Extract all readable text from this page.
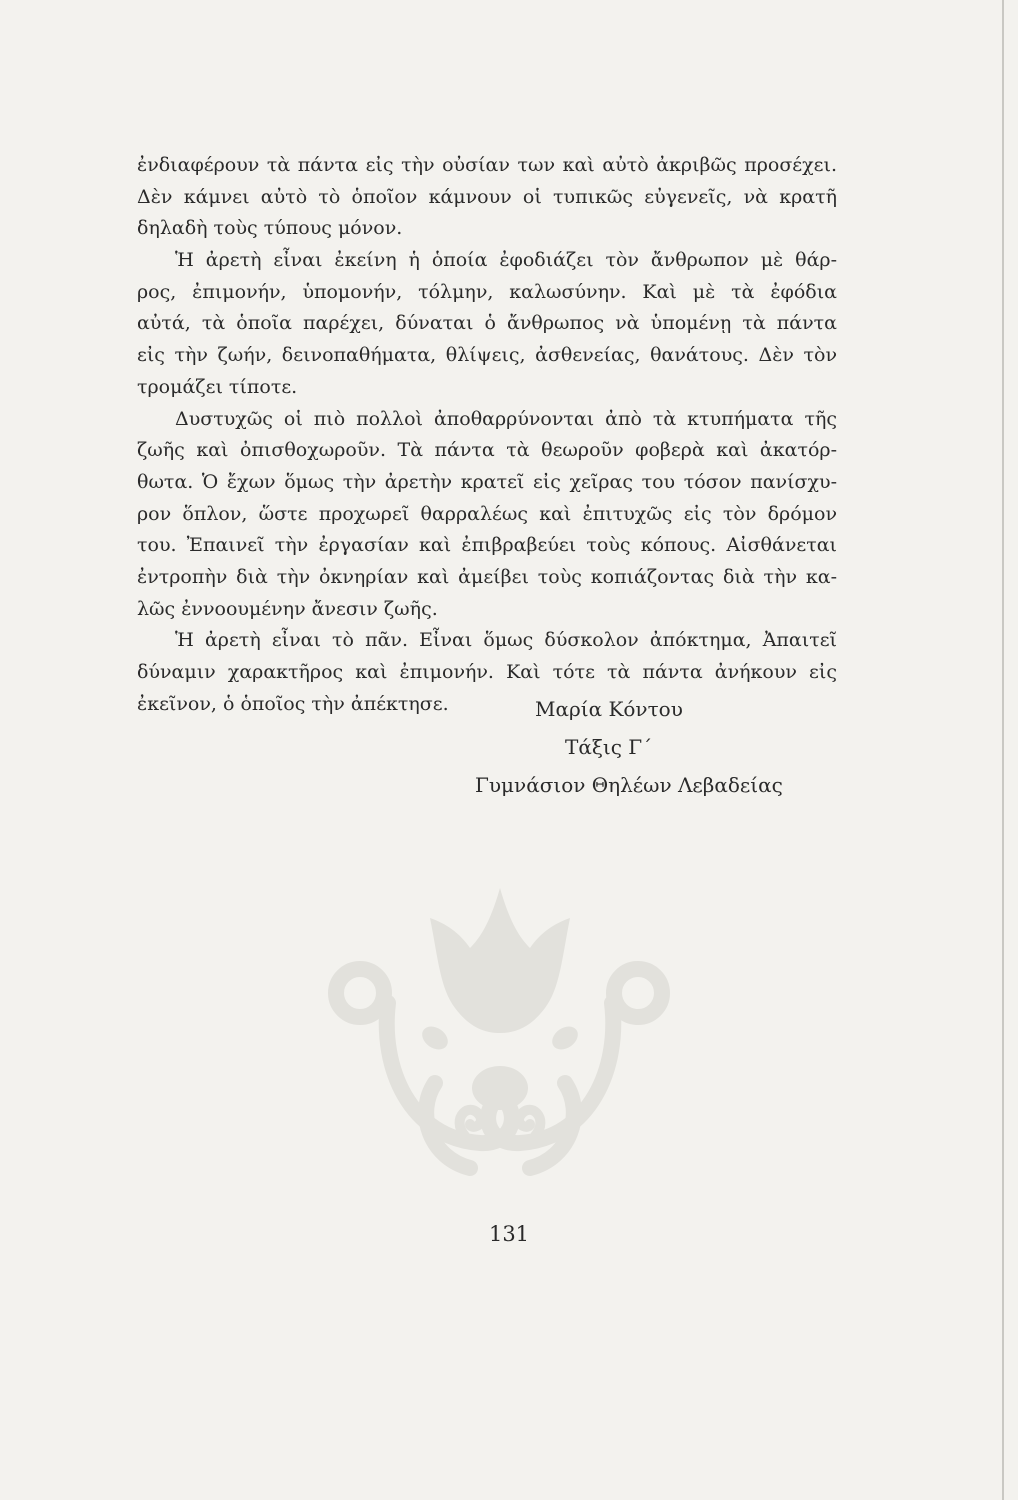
ἐνδιαφέρουν τὰ πάντα εἰς τὴν οὐσίαν των καὶ αὐτὸ ἀκριβῶς προσέχει.
Δὲν κάμνει αὐτὸ τὸ ὁποῖον κάμνουν οἱ τυπικῶς εὐγενεῖς, νὰ κρατῆ
δηλαδὴ τοὺς τύπους μόνον.
Ἡ ἀρετὴ εἶναι ἐκείνη ἡ ὁποία ἐφοδιάζει τὸν ἄνθρωπον μὲ θάρ-
ρος, ἐπιμονήν, ὑπομονήν, τόλμην, καλωσύνην. Καὶ μὲ τὰ ἐφόδια
αὐτά, τὰ ὁποῖα παρέχει, δύναται ὁ ἄνθρωπος νὰ ὑπομένῃ τὰ πάντα
εἰς τὴν ζωήν, δεινοπαθήματα, θλίψεις, ἀσθενείας, θανάτους. Δὲν τὸν
τρομάζει τίποτε.
Δυστυχῶς οἱ πιὸ πολλοὶ ἀποθαρρύνονται ἀπὸ τὰ κτυπήματα τῆς
ζωῆς καὶ ὀπισθοχωροῦν. Τὰ πάντα τὰ θεωροῦν φοβερὰ καὶ ἀκατόρ-
θωτα. Ὁ ἔχων ὅμως τὴν ἀρετὴν κρατεῖ εἰς χεῖρας του τόσον πανίσχυ-
ρον ὅπλον, ὥστε προχωρεῖ θαρραλέως καὶ ἐπιτυχῶς εἰς τὸν δρόμον
του. Ἐπαινεῖ τὴν ἐργασίαν καὶ ἐπιβραβεύει τοὺς κόπους. Αἰσθάνεται
ἐντροπὴν διὰ τὴν ὀκνηρίαν καὶ ἀμείβει τοὺς κοπιάζοντας διὰ τὴν κα-
λῶς ἐννοουμένην ἄνεσιν ζωῆς.
Ἡ ἀρετὴ εἶναι τὸ πᾶν. Εἶναι ὅμως δύσκολον ἀπόκτημα, Ἀπαιτεῖ
δύναμιν χαρακτῆρος καὶ ἐπιμονήν. Καὶ τότε τὰ πάντα ἀνήκουν εἰς
ἐκεῖνον, ὁ ὁποῖος τὴν ἀπέκτησε.	Μαρία Κόντου
Τάξις Γ΄
Γυμνάσιον Θηλέων Λεβαδείας
131
